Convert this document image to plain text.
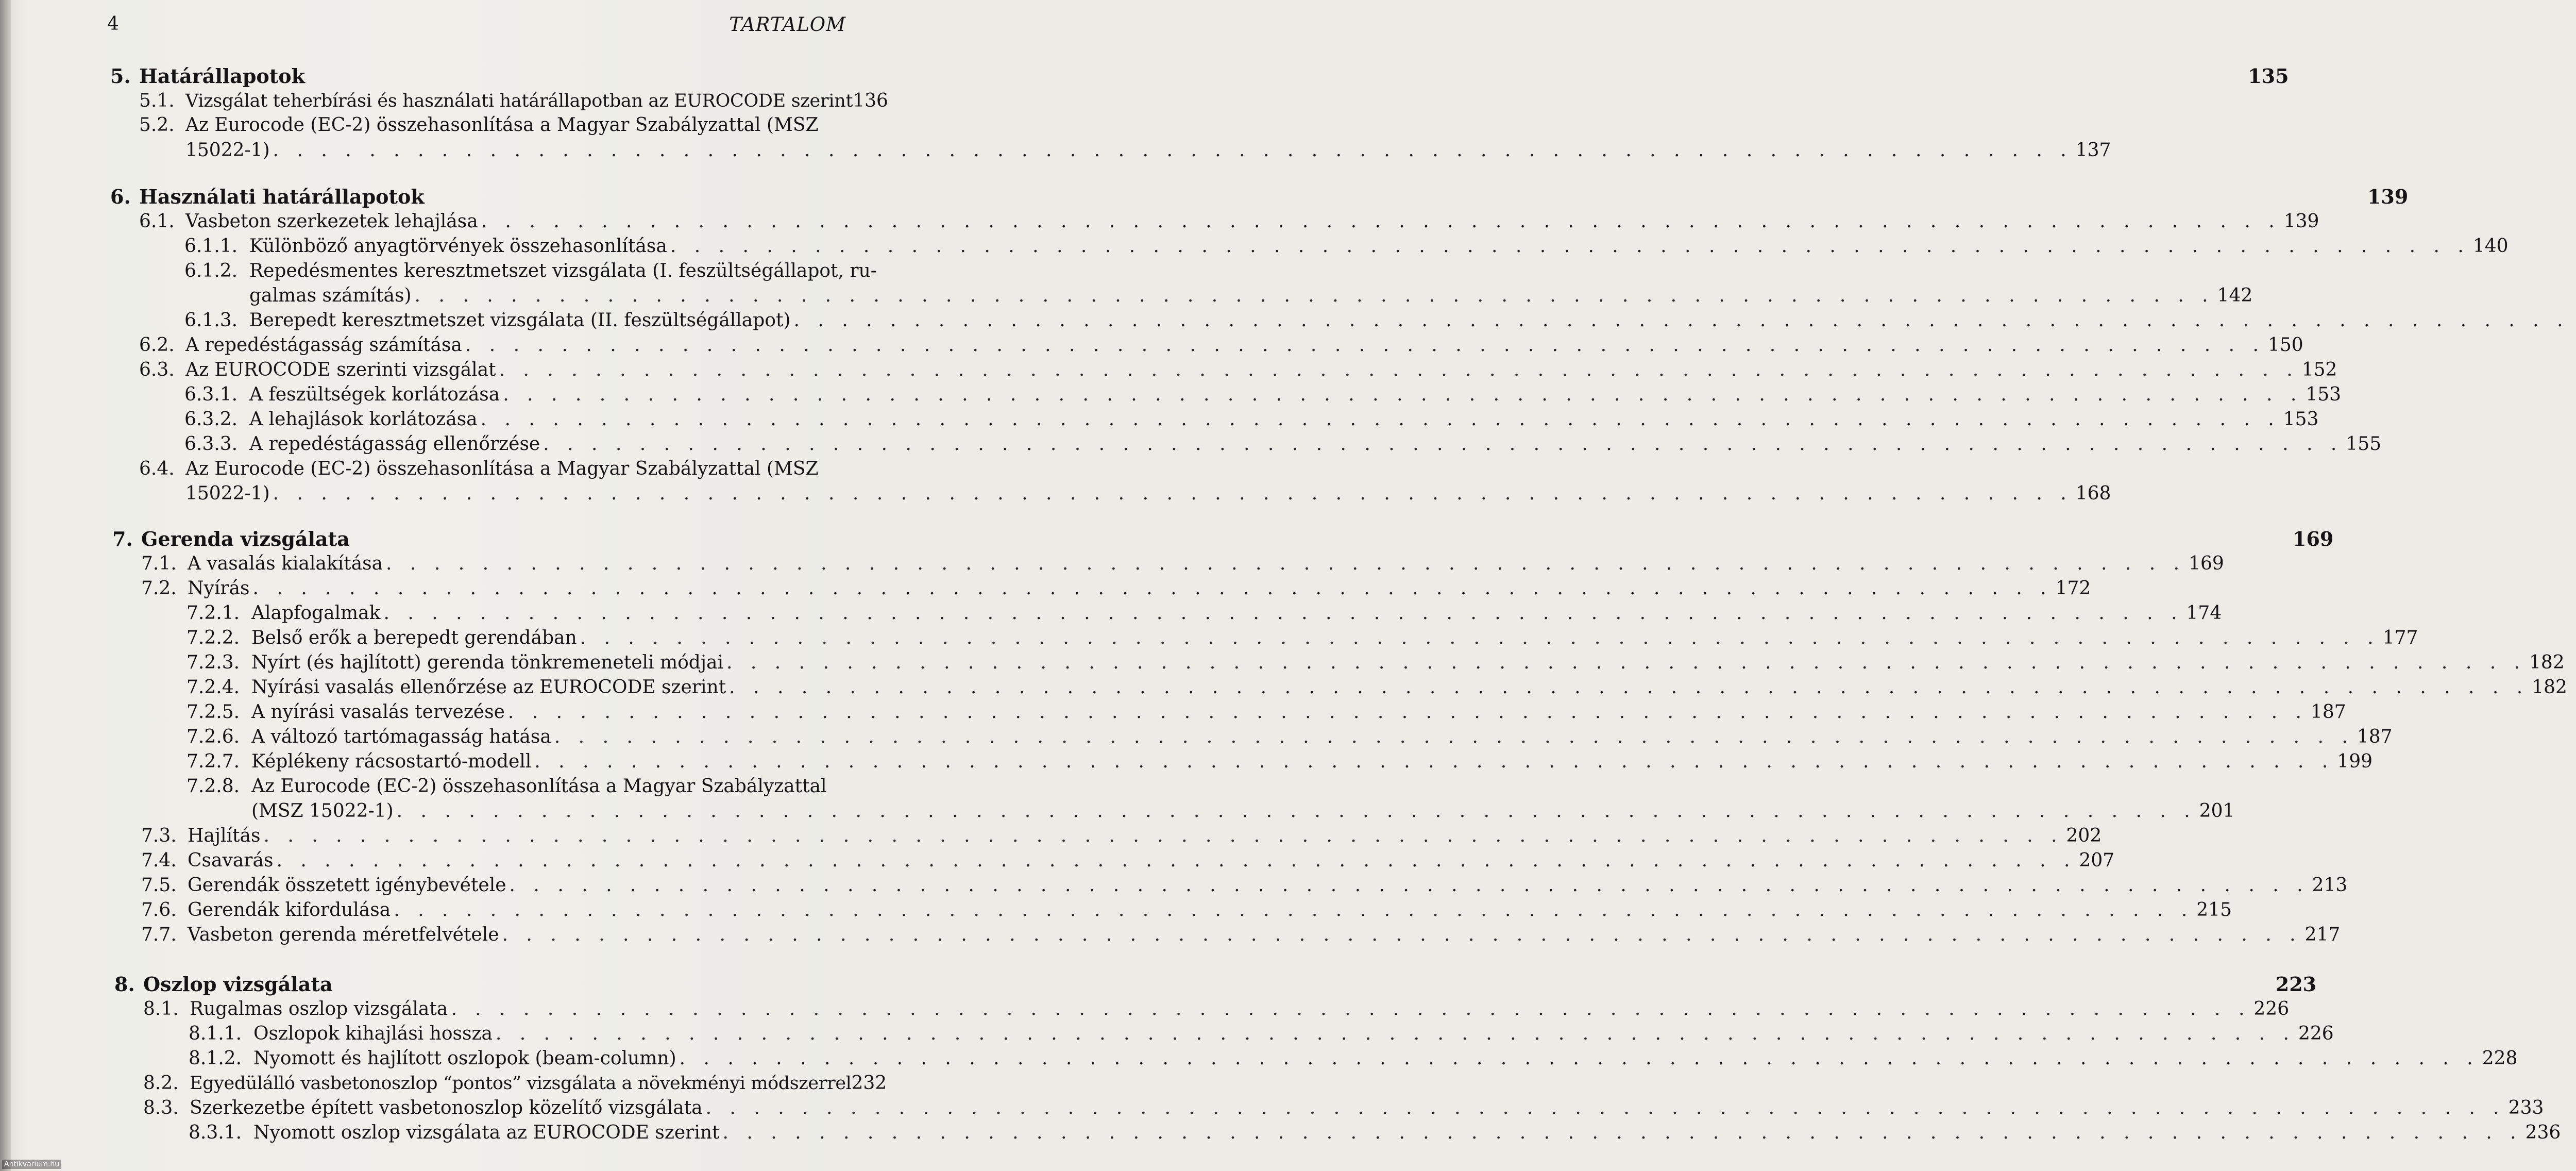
4	TARTALOM
5. Határállapotok	135
5.1. Vizsgálat teherbírási és használati határállapotban az EUROCODE szerint 136
5.2. Az Eurocode (EC-2) összehasonlítása a Magyar Szabályzattal (MSZ
15022-1) . . .	137
6. Használati határállapotok	139
6.1. Vasbeton szerkezetek lehajlása . . .	139
6.1.1. Különböző anyagtörvények összehasonlítása . . .	140
6.1.2. Repedésmentes keresztmetszet vizsgálata (I. feszültségállapot, ru-
galmas számítás) . . .	142
6.1.3. Berepedt keresztmetszet vizsgálata (II. feszültségállapot)
. . .
6.2. A repedéstágasság számítása . . .	150
6.3. Az EUROCODE szerinti vizsgálat . . .	152
6.3.1. A feszültségek korlátozása . . .	153
6.3.2. A lehajlások korlátozása . . .	153
6.3.3. A repedéstágasság ellenőrzése . . .	155
6.4. Az Eurocode (EC-2) összehasonlítása a Magyar Szabályzattal (MSZ
15022-1) . . .	168
7. Gerenda vizsgálata	169
7.1. A vasalás kialakítása . . .	169
7.2. Nyírás . . .	172
7.2.1. Alapfogalmak . . .	174
7.2.2. Belső erők a berepedt gerendában . . .	177
7.2.3. Nyírt (és hajlított) gerenda tönkremeneteli módjai . . .	182
7.2.4. Nyírási vasalás ellenőrzése az EUROCODE szerint . . .	182
7.2.5. A nyírási vasalás tervezése . . .	187
7.2.6. A változó tartómagasság hatása . . .	187
7.2.7. Képlékeny rácsostartó-modell . . .	199
7.2.8. Az Eurocode (EC-2) összehasonlítása a Magyar Szabályzattal
(MSZ 15022-1) . . .	201
7.3. Hajlítás . . .	202
7.4. Csavarás . . .	207
7.5. Gerendák összetett igénybevétele . . .	213
7.6. Gerendák kifordulása . . .	215
7.7. Vasbeton gerenda méretfelvétele . . .	217
8. Oszlop vizsgálata	223
8.1. Rugalmas oszlop vizsgálata . . .	226
8.1.1. Oszlopok kihajlási hossza . . .	226
8.1.2. Nyomott és hajlított oszlopok (beam-column) . . .	228
8.2. Egyedülálló vasbetonoszlop “pontos” vizsgálata a növekményi módszerrel 232
8.3. Szerkezetbe épített vasbetonoszlop közelítő vizsgálata . . .	233
8.3.1. Nyomott oszlop vizsgálata az EUROCODE szerint . . .	236
Antikvarium.hu
